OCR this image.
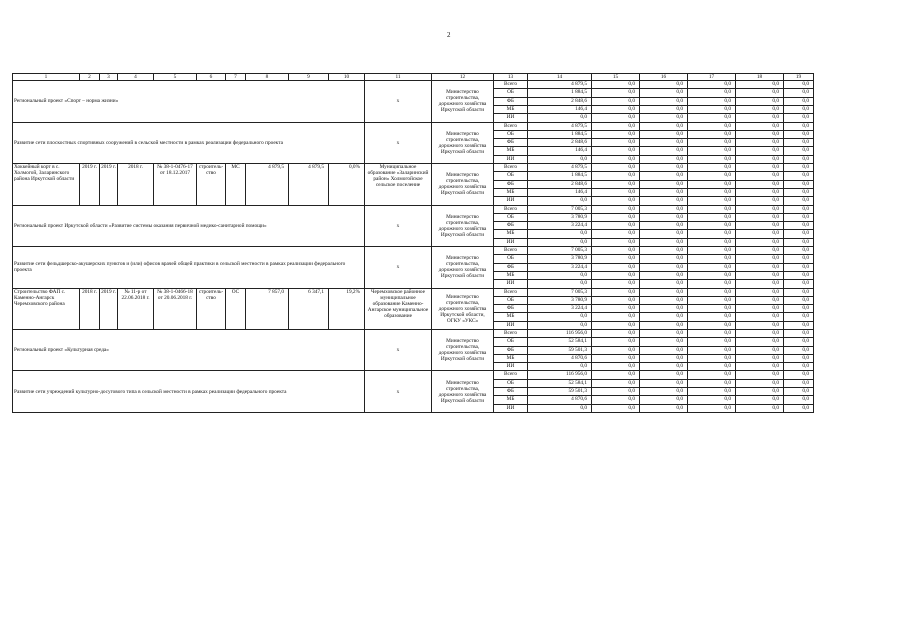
2
1	2	3	4	5	6	7	8	9	10	11	12	13	14	15	16	17	18	19
Региональный проект «Спорт – норма жизни»										х	Министерство строительства, дорожного хозяйства Иркутской области	Всего	4 879,5	0,0	0,0	0,0	0,0	0,0
												ОБ	1 884,5	0,0	0,0	0,0	0,0	0,0
												ФБ	2 848,6	0,0	0,0	0,0	0,0	0,0
												МБ	146,4	0,0	0,0	0,0	0,0	0,0
												ИИ	0,0	0,0	0,0	0,0	0,0	0,0
Развитие сети плоскостных спортивных сооружений в сельской местности в рамках реализации федерального проекта										х	Министерство строительства, дорожного хозяйства Иркутской области	Всего	4 879,5	0,0	0,0	0,0	0,0	0,0
												ОБ	1 884,5	0,0	0,0	0,0	0,0	0,0
												ФБ	2 848,6	0,0	0,0	0,0	0,0	0,0
												МБ	146,4	0,0	0,0	0,0	0,0	0,0
												ИИ	0,0	0,0	0,0	0,0	0,0	0,0
Хоккейный корт в с. Холмогой, Заларинского района Иркутской области	2019 г.	2019 г.	2018 г.	№ 38-1-0476-17 от 18.12.2017	строитель-ство	МС	4 879,5	4 879,5	0,0%	Муниципальное образование «Заларинский район» Холмогойское сельское поселение	Министерство строительства, дорожного хозяйства Иркутской области	Всего	4 879,5	0,0	0,0	0,0	0,0	0,0
												ОБ	1 884,5	0,0	0,0	0,0	0,0	0,0
												ФБ	2 848,6	0,0	0,0	0,0	0,0	0,0
												МБ	146,4	0,0	0,0	0,0	0,0	0,0
												ИИ	0,0	0,0	0,0	0,0	0,0	0,0
Региональный проект Иркутской области «Развитие системы оказания первичной медико-санитарной помощи»										х	Министерство строительства, дорожного хозяйства Иркутской области	Всего	7 005,3	0,0	0,0	0,0	0,0	0,0
												ОБ	3 780,9	0,0	0,0	0,0	0,0	0,0
												ФБ	3 224,4	0,0	0,0	0,0	0,0	0,0
												МБ	0,0	0,0	0,0	0,0	0,0	0,0
												ИИ	0,0	0,0	0,0	0,0	0,0	0,0
Развитие сети фельдшерско-акушерских пунктов и (или) офисов врачей общей практики в сельской местности в рамках реализации федерального проекта										х	Министерство строительства, дорожного хозяйства Иркутской области	Всего	7 005,3	0,0	0,0	0,0	0,0	0,0
												ОБ	3 780,9	0,0	0,0	0,0	0,0	0,0
												ФБ	3 224,4	0,0	0,0	0,0	0,0	0,0
												МБ	0,0	0,0	0,0	0,0	0,0	0,0
												ИИ	0,0	0,0	0,0	0,0	0,0	0,0
Строительство ФАП с. Каменно-Ангарск Черемховского района	2018 г.	2019 г.	№ 11-р от 22.06.2018 г.	№ 38-1-0466-18 от 20.06.2018 г.	строитель-ство	ОС	7 857,0	6 347,1	19,2%	Черемховское районное муниципальное образование Каменно-Ангарское муниципальное образование	Министерство строительства, дорожного хозяйства Иркутской области, ОГКУ «УКС»	Всего	7 005,3	0,0	0,0	0,0	0,0	0,0
												ОБ	3 780,9	0,0	0,0	0,0	0,0	0,0
												ФБ	3 224,4	0,0	0,0	0,0	0,0	0,0
												МБ	0,0	0,0	0,0	0,0	0,0	0,0
												ИИ	0,0	0,0	0,0	0,0	0,0	0,0
Региональный проект «Культурная среда»										х	Министерство строительства, дорожного хозяйства Иркутской области	Всего	116 956,0	0,0	0,0	0,0	0,0	0,0
												ОБ	52 584,1	0,0	0,0	0,0	0,0	0,0
												ФБ	59 501,3	0,0	0,0	0,0	0,0	0,0
												МБ	4 870,6	0,0	0,0	0,0	0,0	0,0
												ИИ	0,0	0,0	0,0	0,0	0,0	0,0
Развитие сети учреждений культурно-досугового типа в сельской местности в рамках реализации федерального проекта										х	Министерство строительства, дорожного хозяйства Иркутской области	Всего	116 956,0	0,0	0,0	0,0	0,0	0,0
												ОБ	52 584,1	0,0	0,0	0,0	0,0	0,0
												ФБ	59 501,3	0,0	0,0	0,0	0,0	0,0
												МБ	4 870,6	0,0	0,0	0,0	0,0	0,0
												ИИ	0,0	0,0	0,0	0,0	0,0	0,0
